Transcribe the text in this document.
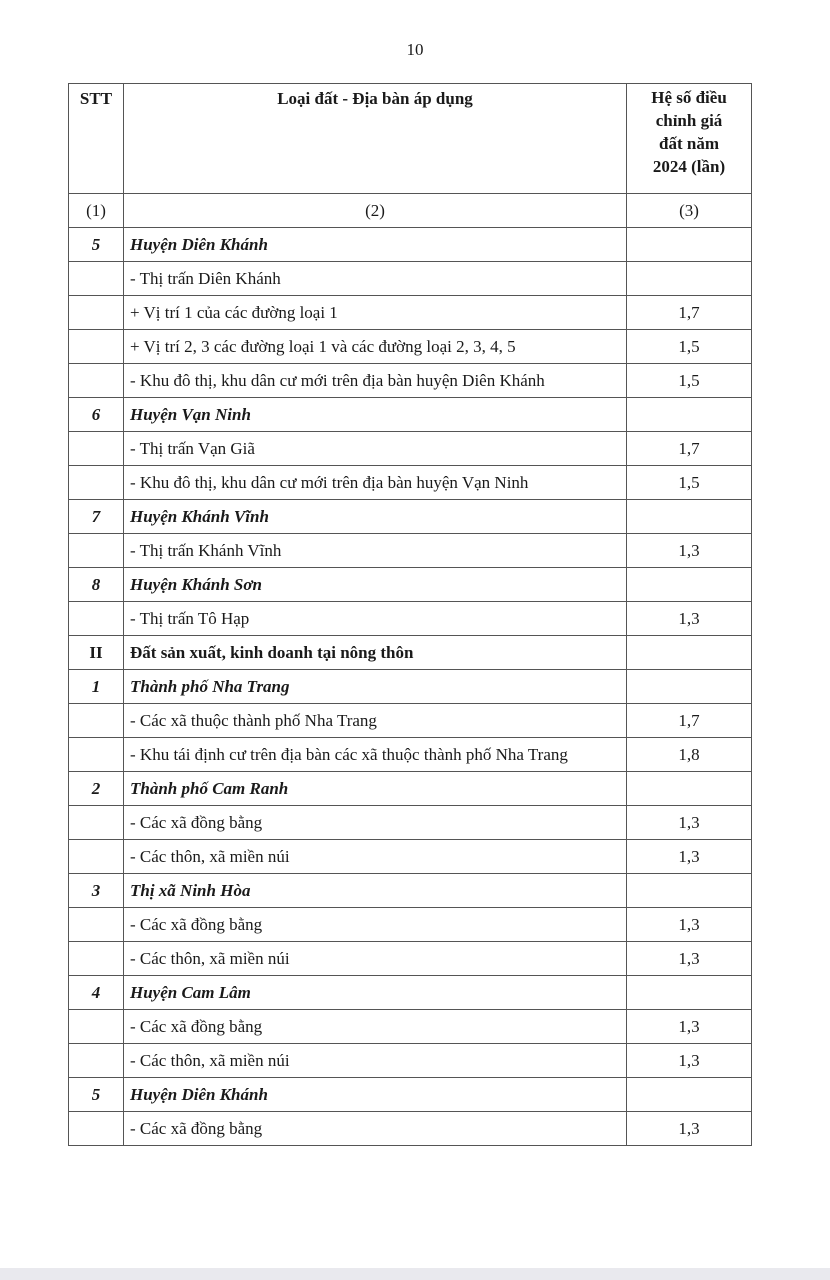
10
STT	Loại đất - Địa bàn áp dụng	Hệ số điều
chỉnh giá
đất năm
2024 (lần)

(1)	(2)	(3)
5	Huyện Diên Khánh	
	- Thị trấn Diên Khánh	
	+ Vị trí 1 của các đường loại 1	1,7
	+ Vị trí 2, 3 các đường loại 1 và các đường loại 2, 3, 4, 5	1,5
	- Khu đô thị, khu dân cư mới trên địa bàn huyện Diên Khánh	1,5
6	Huyện Vạn Ninh	
	- Thị trấn Vạn Giã	1,7
	- Khu đô thị, khu dân cư mới trên địa bàn huyện Vạn Ninh	1,5
7	Huyện Khánh Vĩnh	
	- Thị trấn Khánh Vĩnh	1,3
8	Huyện Khánh Sơn	
	- Thị trấn Tô Hạp	1,3
II	Đất sản xuất, kinh doanh tại nông thôn	
1	Thành phố Nha Trang	
	- Các xã thuộc thành phố Nha Trang	1,7
	- Khu tái định cư trên địa bàn các xã thuộc thành phố Nha Trang	1,8
2	Thành phố Cam Ranh	
	- Các xã đồng bằng	1,3
	- Các thôn, xã miền núi	1,3
3	Thị xã Ninh Hòa	
	- Các xã đồng bằng	1,3
	- Các thôn, xã miền núi	1,3
4	Huyện Cam Lâm	
	- Các xã đồng bằng	1,3
	- Các thôn, xã miền núi	1,3
5	Huyện Diên Khánh	
	- Các xã đồng bằng	1,3
